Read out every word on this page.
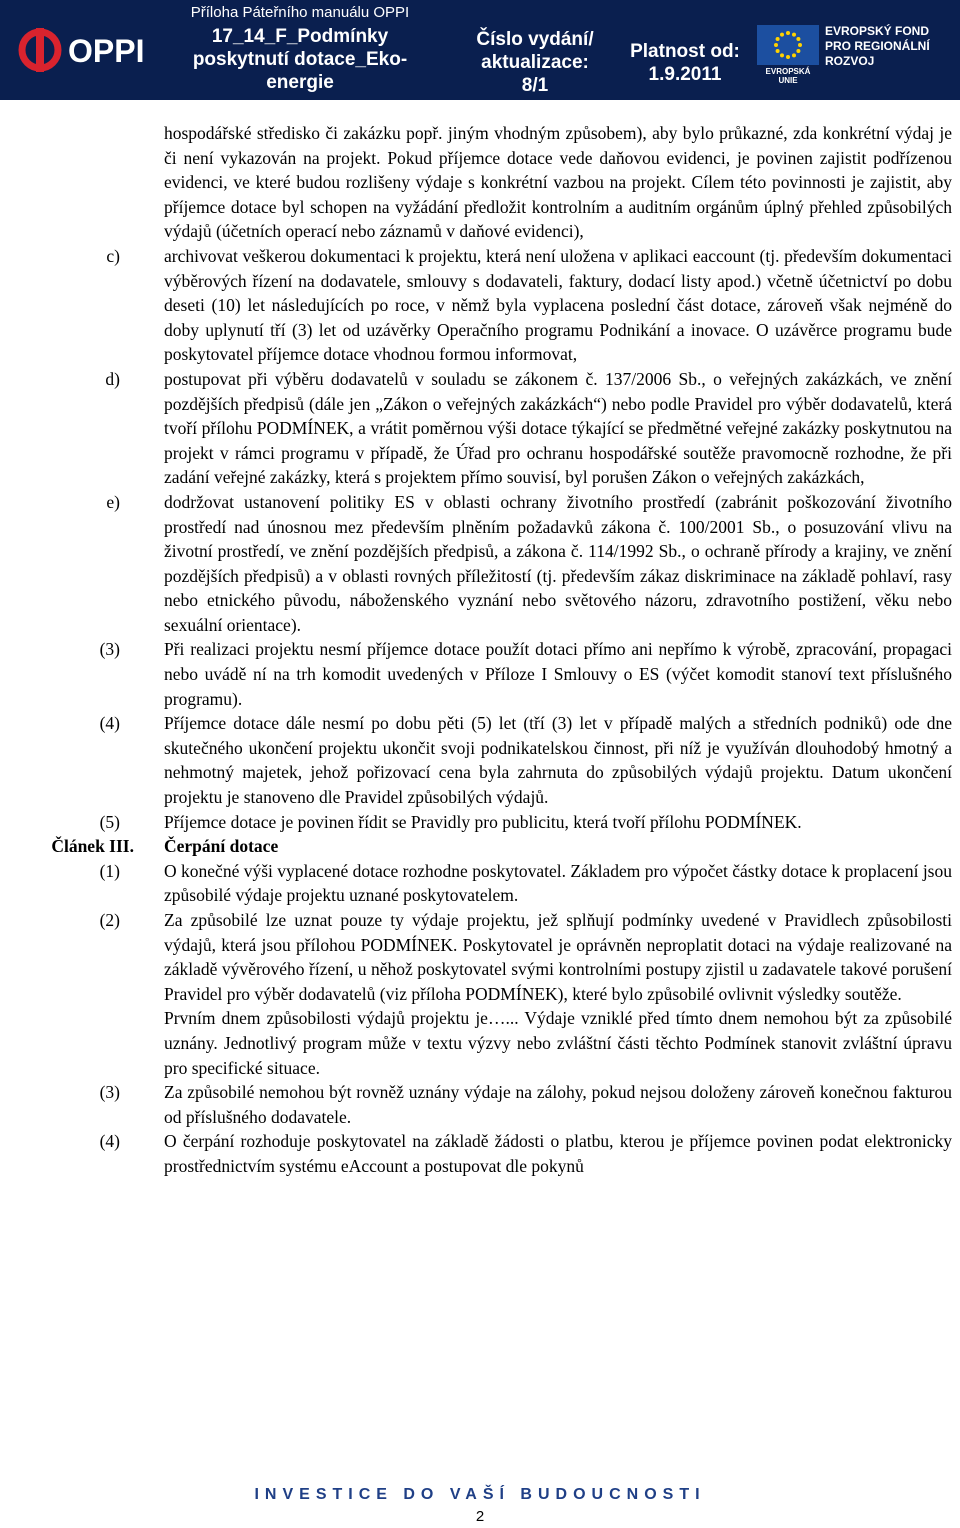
OPPI
Příloha Páteřního manuálu OPPI
17_14_F_Podmínky poskytnutí dotace_Eko-energie
Číslo vydání/ aktualizace: 8/1
Platnost od: 1.9.2011	EVROPSKÁ UNIE
EVROPSKÝ FOND
PRO REGIONÁLNÍ
ROZVOJ
hospodářské středisko či zakázku popř. jiným vhodným způsobem), aby bylo průkazné, zda konkrétní výdaj je či není vykazován na projekt. Pokud příjemce dotace vede daňovou evidenci, je povinen zajistit podřízenou evidenci, ve které budou rozlišeny výdaje s konkrétní vazbou na projekt. Cílem této povinnosti je zajistit, aby příjemce dotace byl schopen na vyžádání předložit kontrolním a auditním orgánům úplný přehled způsobilých výdajů (účetních operací nebo záznamů v daňové evidenci),
c)	archivovat veškerou dokumentaci k projektu, která není uložena v aplikaci eaccount (tj. především dokumentaci výběrových řízení na dodavatele, smlouvy s dodavateli, faktury, dodací listy apod.) včetně účetnictví po dobu deseti (10) let následujících po roce, v němž byla vyplacena poslední část dotace, zároveň však nejméně do doby uplynutí tří (3) let od uzávěrky Operačního programu Podnikání a inovace. O uzávěrce programu bude poskytovatel příjemce dotace vhodnou formou informovat,
d)	postupovat při výběru dodavatelů v souladu se zákonem č. 137/2006 Sb., o veřejných zakázkách, ve znění pozdějších předpisů (dále jen „Zákon o veřejných zakázkách“) nebo podle Pravidel pro výběr dodavatelů, která tvoří přílohu PODMÍNEK, a vrátit poměrnou výši dotace týkající se předmětné veřejné zakázky poskytnutou na projekt v rámci programu v případě, že Úřad pro ochranu hospodářské soutěže pravomocně rozhodne, že při zadání veřejné zakázky, která s projektem přímo souvisí, byl porušen Zákon o veřejných zakázkách,
e)	dodržovat ustanovení politiky ES v oblasti ochrany životního prostředí (zabránit poškozování životního prostředí nad únosnou mez především plněním požadavků zákona č. 100/2001 Sb., o posuzování vlivu na životní prostředí, ve znění pozdějších předpisů, a zákona č. 114/1992 Sb., o ochraně přírody a krajiny, ve znění pozdějších předpisů) a v oblasti rovných příležitostí (tj. především zákaz diskriminace na základě pohlaví, rasy nebo etnického původu, náboženského vyznání nebo světového názoru, zdravotního postižení, věku nebo sexuální orientace).
(3)	Při realizaci projektu nesmí příjemce dotace použít dotaci přímo ani nepřímo k výrobě, zpracování, propagaci nebo uvádě ní na trh komodit uvedených v Příloze I Smlouvy o ES (výčet komodit stanoví text příslušného programu).
(4)	Příjemce dotace dále nesmí po dobu pěti (5) let (tří (3) let v případě malých a středních podniků) ode dne skutečného ukončení projektu ukončit svoji podnikatelskou činnost, při níž je využíván dlouhodobý hmotný a nehmotný majetek, jehož pořizovací cena byla zahrnuta do způsobilých výdajů projektu. Datum ukončení projektu je stanoveno dle Pravidel způsobilých výdajů.
(5)	Příjemce dotace je povinen řídit se Pravidly pro publicitu, která tvoří přílohu PODMÍNEK.
Článek III. Čerpání dotace
(1)	O konečné výši vyplacené dotace rozhodne poskytovatel. Základem pro výpočet částky dotace k proplacení jsou způsobilé výdaje projektu uznané poskytovatelem.
(2)	Za způsobilé lze uznat pouze ty výdaje projektu, jež splňují podmínky uvedené v Pravidlech způsobilosti výdajů, která jsou přílohou PODMÍNEK. Poskytovatel je oprávněn neproplatit dotaci na výdaje realizované na základě vývěrového řízení, u něhož poskytovatel svými kontrolními postupy zjistil u zadavatele takové porušení Pravidel pro výběr dodavatelů (viz příloha PODMÍNEK), které bylo způsobilé ovlivnit výsledky soutěže.
Prvním dnem způsobilosti výdajů projektu je…... Výdaje vzniklé před tímto dnem nemohou být za způsobilé uznány. Jednotlivý program může v textu výzvy nebo zvláštní části těchto Podmínek stanovit zvláštní úpravu pro specifické situace.
(3)	Za způsobilé nemohou být rovněž uznány výdaje na zálohy, pokud nejsou doloženy zároveň konečnou fakturou od příslušného dodavatele.
(4)	O čerpání rozhoduje poskytovatel na základě žádosti o platbu, kterou je příjemce povinen podat elektronicky prostřednictvím systému eAccount a postupovat dle pokynů
INVESTICE DO VAŠÍ BUDOUCNOSTI
2
